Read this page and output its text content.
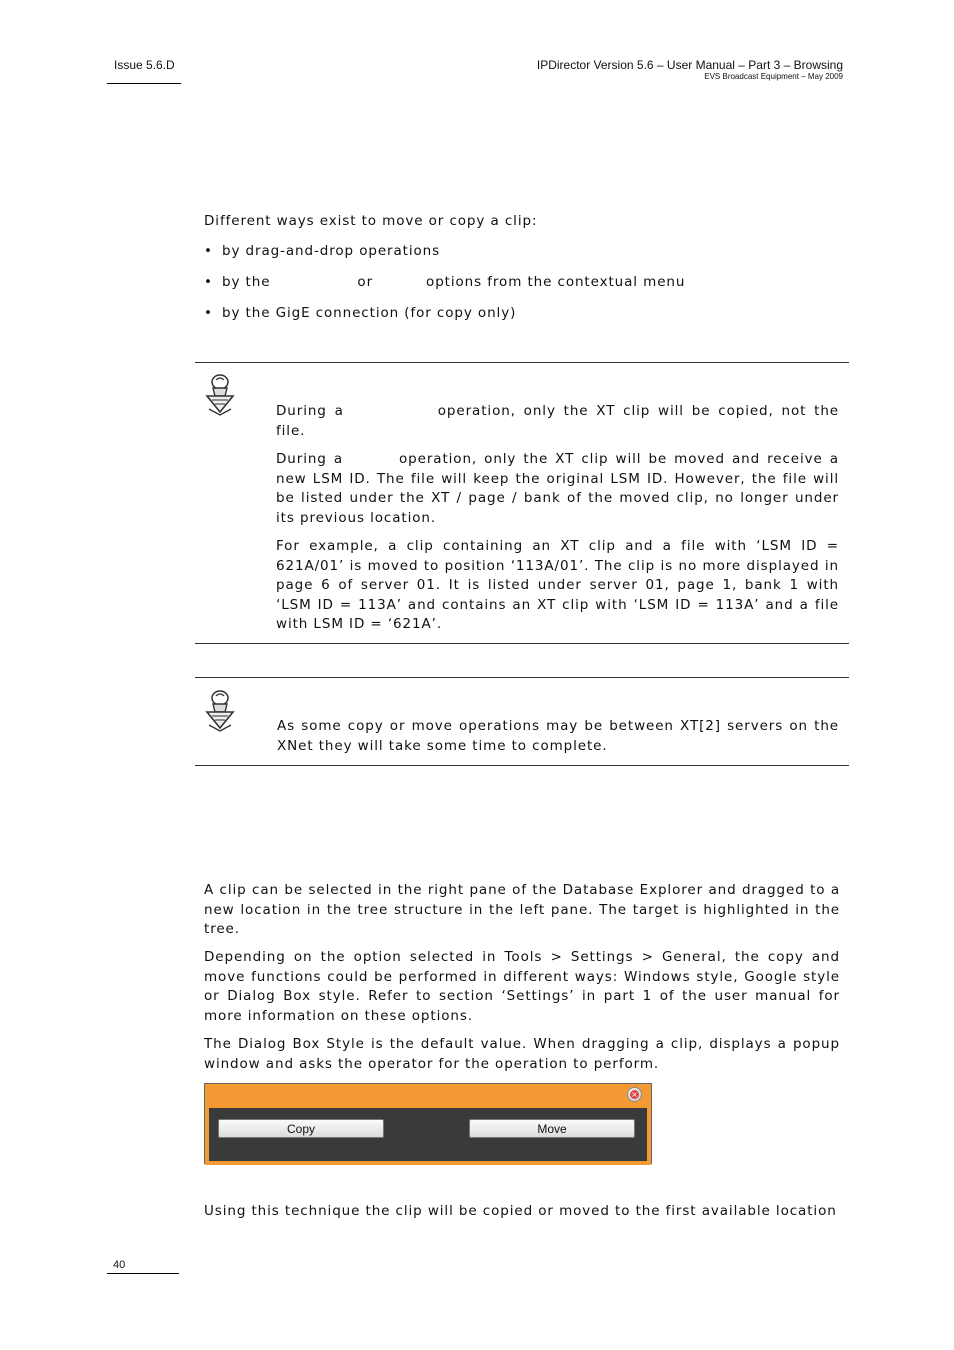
Issue 5.6.D	IPDirector Version 5.6 – User Manual – Part 3 – Browsing
EVS Broadcast Equipment – May 2009
Different ways exist to move or copy a clip:
• by drag-and-drop operations
• by the	or	options from the contextual menu
• by the GigE connection (for copy only)
During a	operation, only the XT clip will be copied, not the file.
During a	operation, only the XT clip will be moved and receive a new LSM ID. The file will keep the original LSM ID. However, the file will be listed under the XT / page / bank of the moved clip, no longer under its previous location.
For example, a clip containing an XT clip and a file with ‘LSM ID = 621A/01’ is moved to position ‘113A/01’. The clip is no more displayed in page 6 of server 01. It is listed under server 01, page 1, bank 1 with ‘LSM ID = 113A’ and contains an XT clip with ‘LSM ID = 113A’ and a file with LSM ID = ‘621A’.
As some copy or move operations may be between XT[2] servers on the XNet they will take some time to complete.
A clip can be selected in the right pane of the Database Explorer and dragged to a new location in the tree structure in the left pane. The target is highlighted in the tree.
Depending on the option selected in Tools > Settings > General, the copy and move functions could be performed in different ways: Windows style, Google style or Dialog Box style. Refer to section ‘Settings’ in part 1 of the user manual for more information on these options.
The Dialog Box Style is the default value. When dragging a clip, displays a popup window and asks the operator for the operation to perform.
×
Copy	Move
Using this technique the clip will be copied or moved to the first available location
40
